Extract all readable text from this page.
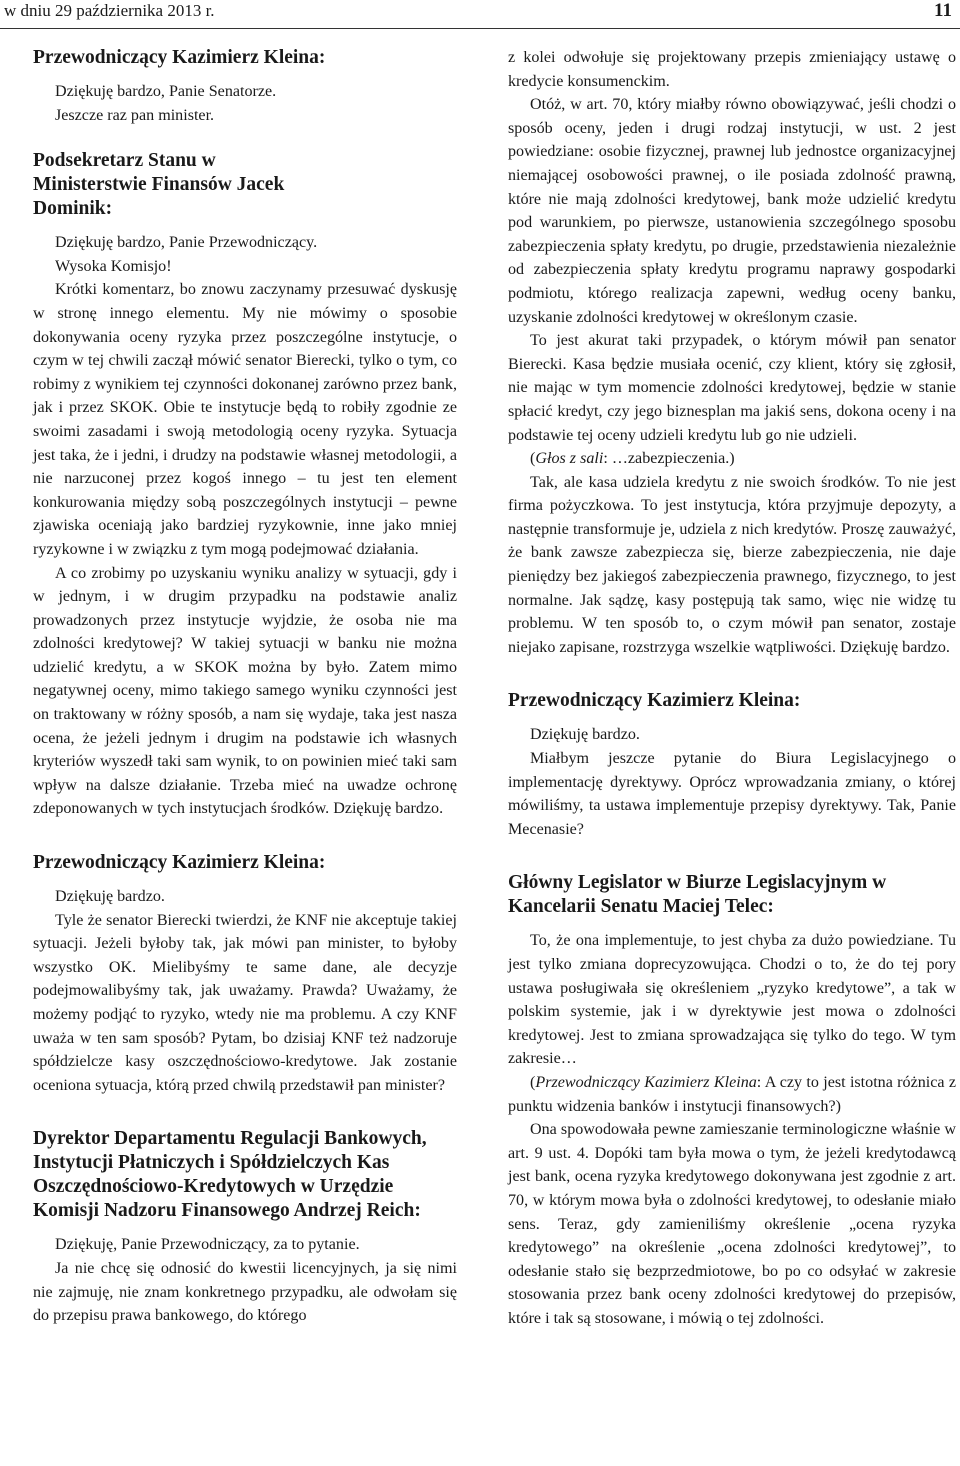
w dniu 29 października 2013 r.	11
Przewodniczący Kazimierz Kleina:

Dziękuję bardzo, Panie Senatorze.

Jeszcze raz pan minister.

Podsekretarz Stanu w Ministerstwie Finansów Jacek Dominik:

Dziękuję bardzo, Panie Przewodniczący.

Wysoka Komisjo!

Krótki komentarz, bo znowu zaczynamy przesuwać dyskusję w stronę innego elementu. My nie mówimy o sposobie dokonywania oceny ryzyka przez poszczególne instytucje, o czym w tej chwili zaczął mówić senator Bierecki, tylko o tym, co robimy z wynikiem tej czynności dokonanej zarówno przez bank, jak i przez SKOK. Obie te instytucje będą to robiły zgodnie ze swoimi zasadami i swoją metodologią oceny ryzyka. Sytuacja jest taka, że i jedni, i drudzy na podstawie własnej metodologii, a nie narzuconej przez kogoś innego – tu jest ten element konkurowania między sobą poszczególnych instytucji – pewne zjawiska oceniają jako bardziej ryzykownie, inne jako mniej ryzykowne i w związku z tym mogą podejmować działania.

A co zrobimy po uzyskaniu wyniku analizy w sytuacji, gdy i w jednym, i w drugim przypadku na podstawie analiz prowadzonych przez instytucje wyjdzie, że osoba nie ma zdolności kredytowej? W takiej sytuacji w banku nie można udzielić kredytu, a w SKOK można by było. Zatem mimo negatywnej oceny, mimo takiego samego wyniku czynności jest on traktowany w różny sposób, a nam się wydaje, taka jest nasza ocena, że jeżeli jednym i drugim na podstawie ich własnych kryteriów wyszedł taki sam wynik, to on powinien mieć taki sam wpływ na dalsze działanie. Trzeba mieć na uwadze ochronę zdeponowanych w tych instytucjach środków. Dziękuję bardzo.

Przewodniczący Kazimierz Kleina:

Dziękuję bardzo.

Tyle że senator Bierecki twierdzi, że KNF nie akceptuje takiej sytuacji. Jeżeli byłoby tak, jak mówi pan minister, to byłoby wszystko OK. Mielibyśmy te same dane, ale decyzje podejmowalibyśmy tak, jak uważamy. Prawda? Uważamy, że możemy podjąć to ryzyko, wtedy nie ma problemu. A czy KNF uważa w ten sam sposób? Pytam, bo dzisiaj KNF też nadzoruje spółdzielcze kasy oszczędnościowo-kredytowe. Jak zostanie oceniona sytuacja, którą przed chwilą przedstawił pan minister?

Dyrektor Departamentu Regulacji Bankowych, Instytucji Płatniczych i Spółdzielczych Kas Oszczędnościowo-Kredytowych w Urzędzie Komisji Nadzoru Finansowego Andrzej Reich:

Dziękuję, Panie Przewodniczący, za to pytanie.

Ja nie chcę się odnosić do kwestii licencyjnych, ja się nimi nie zajmuję, nie znam konkretnego przypadku, ale odwołam się do przepisu prawa bankowego, do którego

z kolei odwołuje się projektowany przepis zmieniający ustawę o kredycie konsumenckim.

Otóż, w art. 70, który miałby równo obowiązywać, jeśli chodzi o sposób oceny, jeden i drugi rodzaj instytucji, w ust. 2 jest powiedziane: osobie fizycznej, prawnej lub jednostce organizacyjnej niemającej osobowości prawnej, o ile posiada zdolność prawną, które nie mają zdolności kredytowej, bank może udzielić kredytu pod warunkiem, po pierwsze, ustanowienia szczególnego sposobu zabezpieczenia spłaty kredytu, po drugie, przedstawienia niezależnie od zabezpieczenia spłaty kredytu programu naprawy gospodarki podmiotu, którego realizacja zapewni, według oceny banku, uzyskanie zdolności kredytowej w określonym czasie.

To jest akurat taki przypadek, o którym mówił pan senator Bierecki. Kasa będzie musiała ocenić, czy klient, który się zgłosił, nie mając w tym momencie zdolności kredytowej, będzie w stanie spłacić kredyt, czy jego biznesplan ma jakiś sens, dokona oceny i na podstawie tej oceny udzieli kredytu lub go nie udzieli.

(Głos z sali: …zabezpieczenia.)

Tak, ale kasa udziela kredytu z nie swoich środków. To nie jest firma pożyczkowa. To jest instytucja, która przyjmuje depozyty, a następnie transformuje je, udziela z nich kredytów. Proszę zauważyć, że bank zawsze zabezpiecza się, bierze zabezpieczenia, nie daje pieniędzy bez jakiegoś zabezpieczenia prawnego, fizycznego, to jest normalne. Jak sądzę, kasy postępują tak samo, więc nie widzę tu problemu. W ten sposób to, o czym mówił pan senator, zostaje niejako zapisane, rozstrzyga wszelkie wątpliwości. Dziękuję bardzo.

Przewodniczący Kazimierz Kleina:

Dziękuję bardzo.

Miałbym jeszcze pytanie do Biura Legislacyjnego o implementację dyrektywy. Oprócz wprowadzania zmiany, o której mówiliśmy, ta ustawa implementuje przepisy dyrektywy. Tak, Panie Mecenasie?

Główny Legislator w Biurze Legislacyjnym w Kancelarii Senatu Maciej Telec:

To, że ona implementuje, to jest chyba za dużo powiedziane. Tu jest tylko zmiana doprecyzowująca. Chodzi o to, że do tej pory ustawa posługiwała się określeniem „ryzyko kredytowe”, a tak w polskim systemie, jak i w dyrektywie jest mowa o zdolności kredytowej. Jest to zmiana sprowadzająca się tylko do tego. W tym zakresie…

(Przewodniczący Kazimierz Kleina: A czy to jest istotna różnica z punktu widzenia banków i instytucji finansowych?)

Ona spowodowała pewne zamieszanie terminologiczne właśnie w art. 9 ust. 4. Dopóki tam była mowa o tym, że jeżeli kredytodawcą jest bank, ocena ryzyka kredytowego dokonywana jest zgodnie z art. 70, w którym mowa była o zdolności kredytowej, to odesłanie miało sens. Teraz, gdy zamieniliśmy określenie „ocena ryzyka kredytowego” na określenie „ocena zdolności kredytowej”, to odesłanie stało się bezprzedmiotowe, bo po co odsyłać w zakresie stosowania przez bank oceny zdolności kredytowej do przepisów, które i tak są stosowane, i mówią o tej zdolności.
